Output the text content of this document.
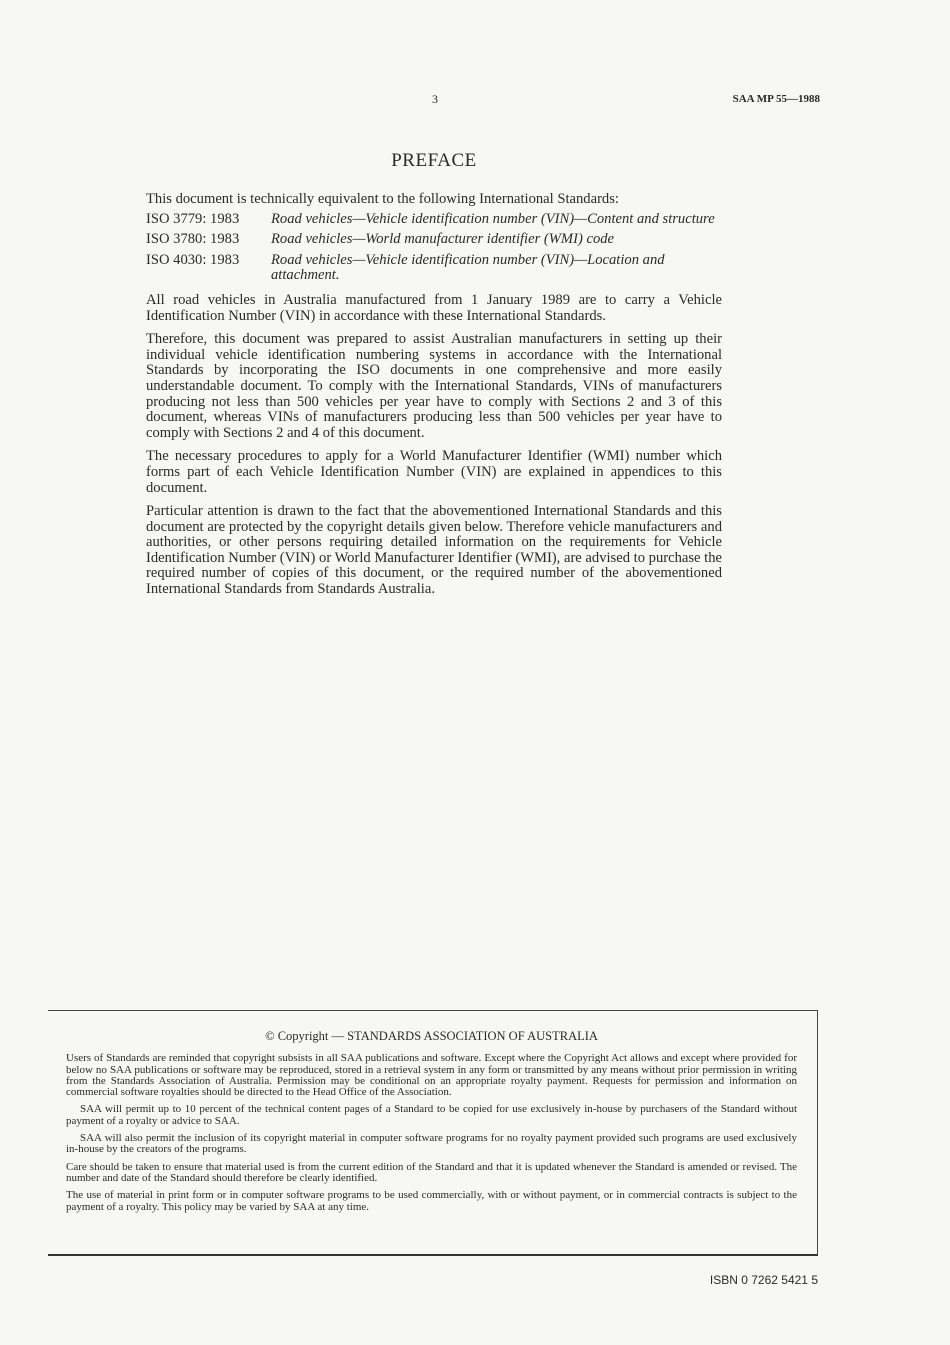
3	SAA MP 55—1988
PREFACE

This document is technically equivalent to the following International Standards:

ISO 3779: 1983	Road vehicles—Vehicle identification number (VIN)—Content and structure
ISO 3780: 1983	Road vehicles—World manufacturer identifier (WMI) code
ISO 4030: 1983	Road vehicles—Vehicle identification number (VIN)—Location and attachment.

All road vehicles in Australia manufactured from 1 January 1989 are to carry a Vehicle Identification Number (VIN) in accordance with these International Standards.

Therefore, this document was prepared to assist Australian manufacturers in setting up their individual vehicle identification numbering systems in accordance with the International Standards by incorporating the ISO documents in one comprehensive and more easily understandable document. To comply with the International Standards, VINs of manufacturers producing not less than 500 vehicles per year have to comply with Sections 2 and 3 of this document, whereas VINs of manufacturers producing less than 500 vehicles per year have to comply with Sections 2 and 4 of this document.

The necessary procedures to apply for a World Manufacturer Identifier (WMI) number which forms part of each Vehicle Identification Number (VIN) are explained in appendices to this document.

Particular attention is drawn to the fact that the abovementioned International Standards and this document are protected by the copyright details given below. Therefore vehicle manufacturers and authorities, or other persons requiring detailed information on the requirements for Vehicle Identification Number (VIN) or World Manufacturer Identifier (WMI), are advised to purchase the required number of copies of this document, or the required number of the abovementioned International Standards from Standards Australia.

© Copyright — STANDARDS ASSOCIATION OF AUSTRALIA

Users of Standards are reminded that copyright subsists in all SAA publications and software. Except where the Copyright Act allows and except where provided for below no SAA publications or software may be reproduced, stored in a retrieval system in any form or transmitted by any means without prior permission in writing from the Standards Association of Australia. Permission may be conditional on an appropriate royalty payment. Requests for permission and information on commercial software royalties should be directed to the Head Office of the Association.

SAA will permit up to 10 percent of the technical content pages of a Standard to be copied for use exclusively in-house by purchasers of the Standard without payment of a royalty or advice to SAA.

SAA will also permit the inclusion of its copyright material in computer software programs for no royalty payment provided such programs are used exclusively in-house by the creators of the programs.

Care should be taken to ensure that material used is from the current edition of the Standard and that it is updated whenever the Standard is amended or revised. The number and date of the Standard should therefore be clearly identified.

The use of material in print form or in computer software programs to be used commercially, with or without payment, or in commercial contracts is subject to the payment of a royalty. This policy may be varied by SAA at any time.

ISBN 0 7262 5421 5
